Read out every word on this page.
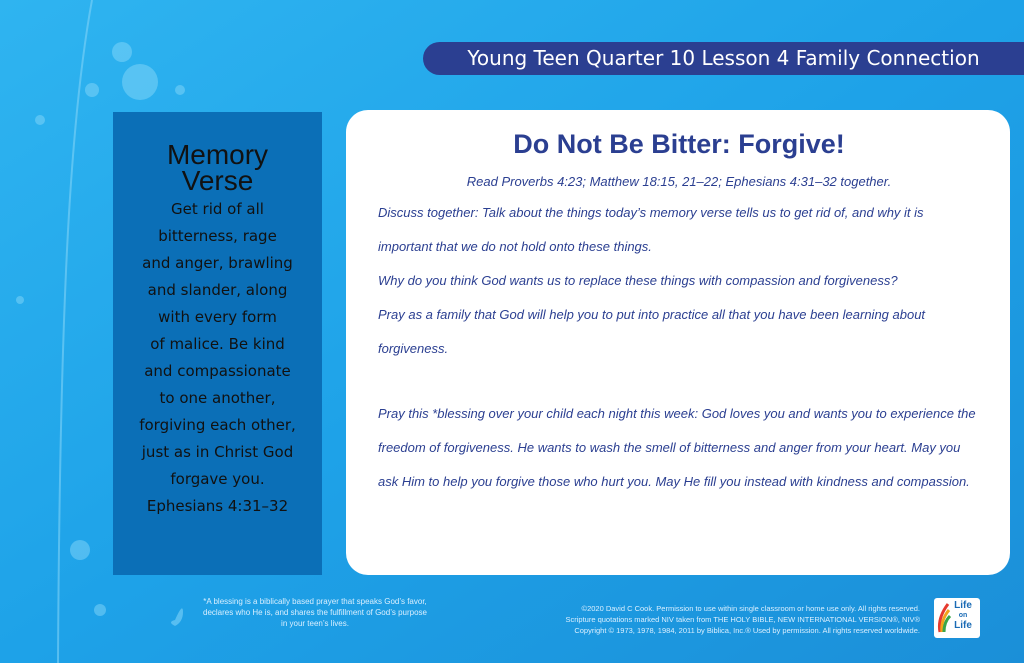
Young Teen Quarter 10 Lesson 4 Family Connection
Memory
Verse
Get rid of all
bitterness, rage
and anger, brawling
and slander, along
with every form
of malice. Be kind
and compassionate
to one another,
forgiving each other,
just as in Christ God
forgave you.
Ephesians 4:31–32
Do Not Be Bitter: Forgive!

Read Proverbs 4:23; Matthew 18:15, 21–22; Ephesians 4:31–32 together.

Discuss together: Talk about the things today’s memory verse tells us to get rid of, and why it is important that we do not hold onto these things.

Why do you think God wants us to replace these things with compassion and forgiveness?

Pray as a family that God will help you to put into practice all that you have been learning about forgiveness.

Pray this *blessing over your child each night this week: God loves you and wants you to experience the freedom of forgiveness. He wants to wash the smell of bitterness and anger from your heart. May you ask Him to help you forgive those who hurt you. May He fill you instead with kindness and compassion.

*A blessing is a biblically based prayer that speaks God’s favor, declares who He is, and shares the fulfillment of God’s purpose in your teen’s lives.
©2020 David C Cook. Permission to use within single classroom or home use only. All rights reserved.
Scripture quotations marked NIV taken from THE HOLY BIBLE, NEW INTERNATIONAL VERSION®, NIV®
Copyright © 1973, 1978, 1984, 2011 by Biblica, Inc.® Used by permission. All rights reserved worldwide.
Life
on
Life
